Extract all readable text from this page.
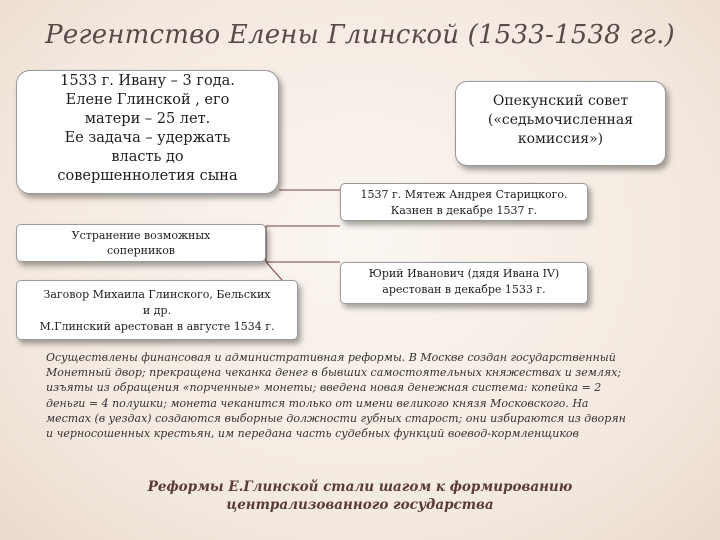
Регентство Елены Глинской (1533-1538 гг.)
1533 г. Ивану – 3 года.
Елене Глинской , его
матери – 25 лет.
Ее задача – удержать
власть до
совершеннолетия сына
Опекунский совет
(«седьмочисленная
комиссия»)
1537 г. Мятеж Андрея Старицкого.
Казнен в декабре 1537 г.
Устранение возможных
соперников
Заговор Михаила Глинского, Бельских
и др.
М.Глинский арестован в августе 1534 г.
Юрий Иванович (дядя Ивана IV)
арестован в декабре 1533 г.
Осуществлены финансовая и административная реформы. В Москве создан государственный
Монетный двор; прекращена чеканка денег в бывших самостоятельных княжествах и землях;
изъяты из обращения «порченные» монеты; введена новая денежная система: копейка = 2
деньги = 4 полушки; монета чеканится только от имени великого князя Московского. На
местах (в уездах) создаются выборные должности губных старост; они избираются из дворян
и черносошенных крестьян, им передана часть судебных функций воевод-кормленщиков
Реформы Е.Глинской стали шагом к формированию
централизованного государства
